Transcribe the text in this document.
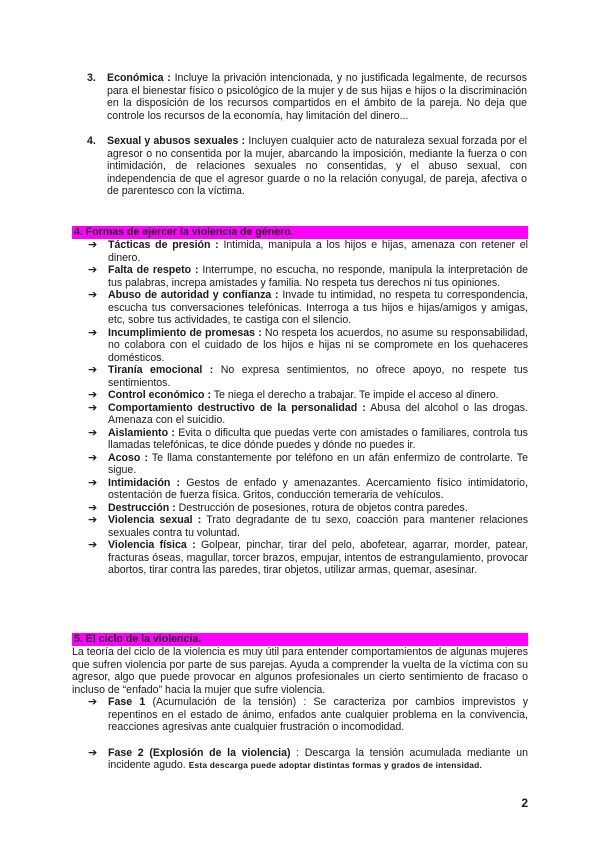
3. Económica : Incluye la privación intencionada, y no justificada legalmente, de recursos para el bienestar físico o psicológico de la mujer y de sus hijas e hijos o la discriminación en la disposición de los recursos compartidos en el ámbito de la pareja. No deja que controle los recursos de la economía, hay limitación del dinero...
4. Sexual y abusos sexuales : Incluyen cualquier acto de naturaleza sexual forzada por el agresor o no consentida por la mujer, abarcando la imposición, mediante la fuerza o con intimidación, de relaciones sexuales no consentidas, y el abuso sexual, con independencia de que el agresor guarde o no la relación conyugal, de pareja, afectiva o de parentesco con la víctima.
4. Formas de ejercer la violencia de género.
➔ Tácticas de presión : Intimida, manipula a los hijos e hijas, amenaza con retener el dinero.
➔ Falta de respeto : Interrumpe, no escucha, no responde, manipula la interpretación de tus palabras, increpa amistades y familia. No respeta tus derechos ni tus opiniones.
➔ Abuso de autoridad y confianza : Invade tu intimidad, no respeta tu correspondencia, escucha tus conversaciones telefónicas. Interroga a tus hijos e hijas/amigos y amigas, etc, sobre tus actividades, te castiga con el silencio.
➔ Incumplimiento de promesas : No respeta los acuerdos, no asume su responsabilidad, no colabora con el cuidado de los hijos e hijas ni se compromete en los quehaceres domésticos.
➔ Tiranía emocional : No expresa sentimientos, no ofrece apoyo, no respete tus sentimientos.
➔ Control económico : Te niega el derecho a trabajar. Te impide el acceso al dinero.
➔ Comportamiento destructivo de la personalidad : Abusa del alcohol o las drogas. Amenaza con el suicidio.
➔ Aislamiento : Evita o dificulta que puedas verte con amistades o familiares, controla tus llamadas telefónicas, te dice dónde puedes y dónde no puedes ir.
➔ Acoso : Te llama constantemente por teléfono en un afán enfermizo de controlarte. Te sigue.
➔ Intimidación : Gestos de enfado y amenazantes. Acercamiento físico intimidatorio, ostentación de fuerza física. Gritos, conducción temeraria de vehículos.
➔ Destrucción : Destrucción de posesiones, rotura de objetos contra paredes.
➔ Violencia sexual : Trato degradante de tu sexo, coacción para mantener relaciones sexuales contra tu voluntad.
➔ Violencia física : Golpear, pinchar, tirar del pelo, abofetear, agarrar, morder, patear, fracturas óseas, magullar, torcer brazos, empujar, intentos de estrangulamiento, provocar abortos, tirar contra las paredes, tirar objetos, utilizar armas, quemar, asesinar.
5. El ciclo de la violencia.
La teoría del ciclo de la violencia es muy útil para entender comportamientos de algunas mujeres que sufren violencia por parte de sus parejas. Ayuda a comprender la vuelta de la víctima con su agresor, algo que puede provocar en algunos profesionales un cierto sentimiento de fracaso o incluso de “enfado” hacia la mujer que sufre violencia.
➔ Fase 1 (Acumulación de la tensión) : Se caracteriza por cambios imprevistos y repentinos en el estado de ánimo, enfados ante cualquier problema en la convivencia, reacciones agresivas ante cualquier frustración o incomodidad.
➔ Fase 2 (Explosión de la violencia) : Descarga la tensión acumulada mediante un incidente agudo. Esta descarga puede adoptar distintas formas y grados de intensidad.
2
